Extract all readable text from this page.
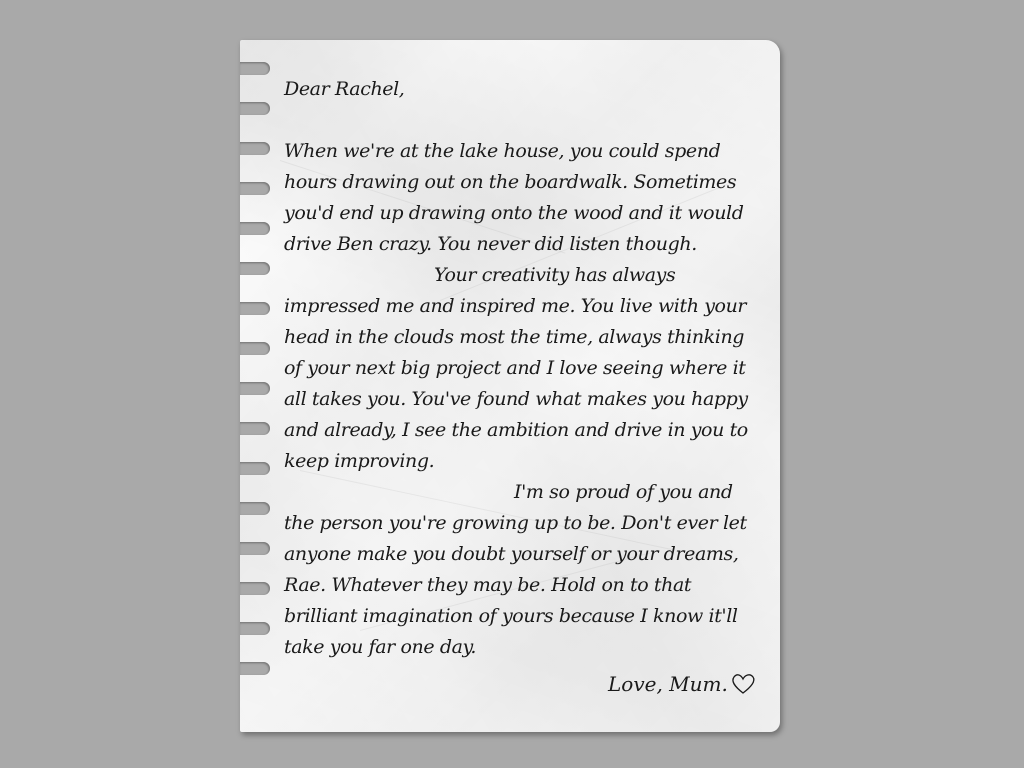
Dear Rachel,

When we're at the lake house, you could spend hours drawing out on the boardwalk. Sometimes you'd end up drawing onto the wood and it would drive Ben crazy. You never did listen though.

Your creativity has always impressed me and inspired me. You live with your head in the clouds most the time, always thinking of your next big project and I love seeing where it all takes you. You've found what makes you happy and already, I see the ambition and drive in you to keep improving.

I'm so proud of you and the person you're growing up to be. Don't ever let anyone make you doubt yourself or your dreams, Rae. Whatever they may be. Hold on to that brilliant imagination of yours because I know it'll take you far one day.

Love, Mum.
